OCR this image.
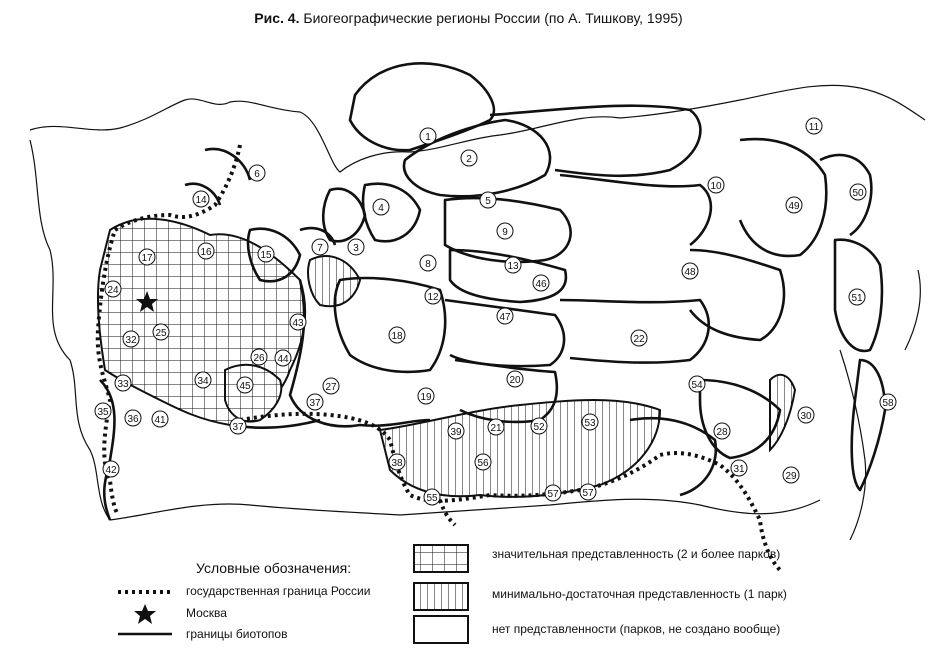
Рис. 4. Биогеографические регионы России (по А. Тишкову, 1995)
1
2
3
4
5
6
7
8
9
10
11
12
13
14
15
16
17
18
19
20
21
22
24
25
26
27
28
29
30
31
32
33	34
35
36
37
37
38
39
41
42
43
44
45
46
47
48
49
50
51
52	53
54
55
56
57 57
58
Условные обозначения:
государственная граница России
Москва
границы биотопов
значительная представленность (2 и более парков)
минимально-достаточная представленность (1 парк)
нет представленности (парков, не создано вообще)
